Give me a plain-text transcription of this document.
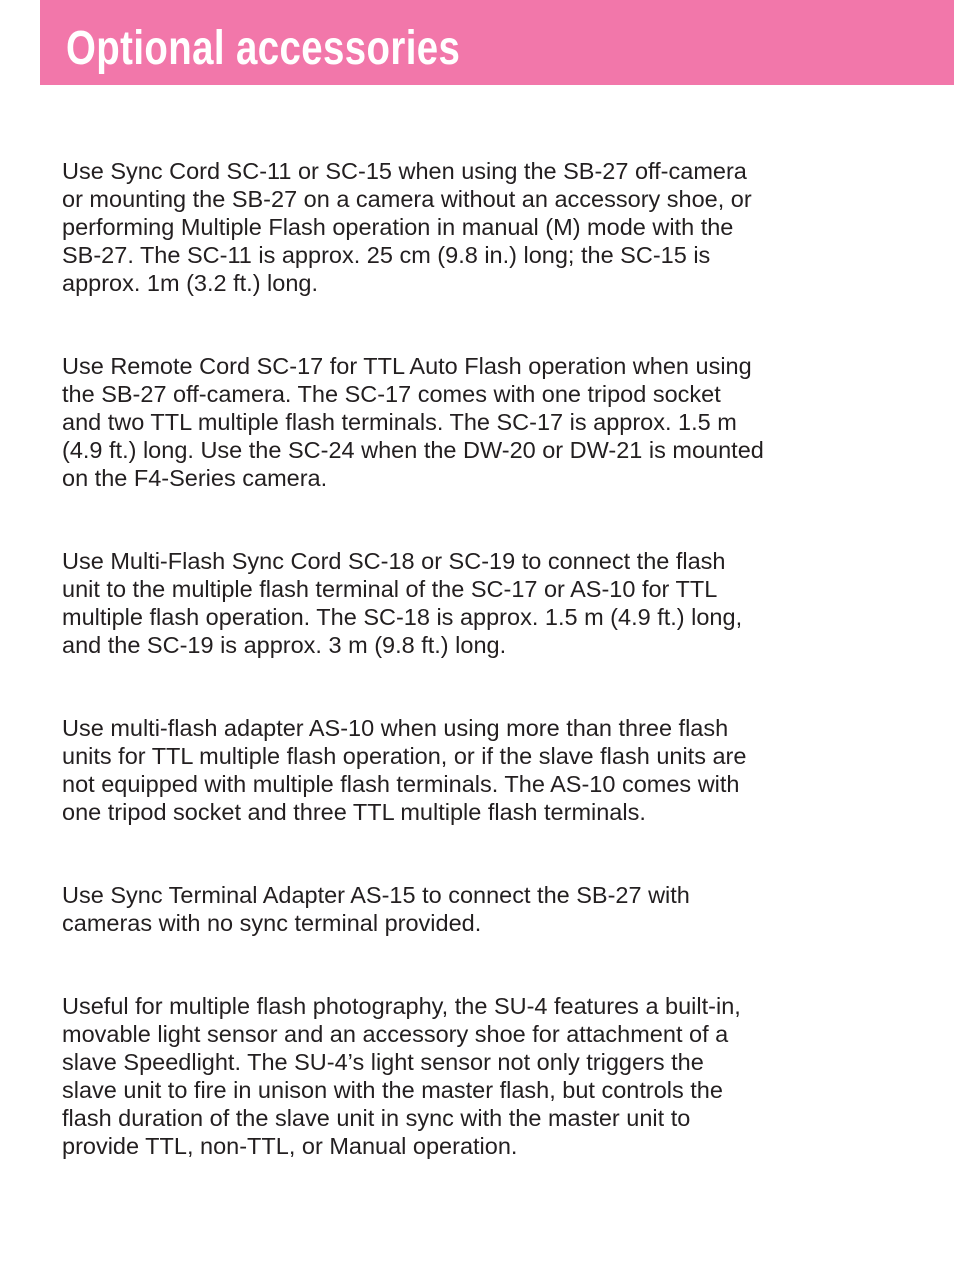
Optional accessories

Use Sync Cord SC-11 or SC-15 when using the SB-27 off-camera
or mounting the SB-27 on a camera without an accessory shoe, or
performing Multiple Flash operation in manual (M) mode with the
SB-27. The SC-11 is approx. 25 cm (9.8 in.) long; the SC-15 is
approx. 1m (3.2 ft.) long.

Use Remote Cord SC-17 for TTL Auto Flash operation when using
the SB-27 off-camera. The SC-17 comes with one tripod socket
and two TTL multiple flash terminals. The SC-17 is approx. 1.5 m
(4.9 ft.) long. Use the SC-24 when the DW-20 or DW-21 is mounted
on the F4-Series camera.

Use Multi-Flash Sync Cord SC-18 or SC-19 to connect the flash
unit to the multiple flash terminal of the SC-17 or AS-10 for TTL
multiple flash operation. The SC-18 is approx. 1.5 m (4.9 ft.) long,
and the SC-19 is approx. 3 m (9.8 ft.) long.

Use multi-flash adapter AS-10 when using more than three flash
units for TTL multiple flash operation, or if the slave flash units are
not equipped with multiple flash terminals. The AS-10 comes with
one tripod socket and three TTL multiple flash terminals.

Use Sync Terminal Adapter AS-15 to connect the SB-27 with
cameras with no sync terminal provided.

Useful for multiple flash photography, the SU-4 features a built-in,
movable light sensor and an accessory shoe for attachment of a
slave Speedlight. The SU-4’s light sensor not only triggers the
slave unit to fire in unison with the master flash, but controls the
flash duration of the slave unit in sync with the master unit to
provide TTL, non-TTL, or Manual operation.
